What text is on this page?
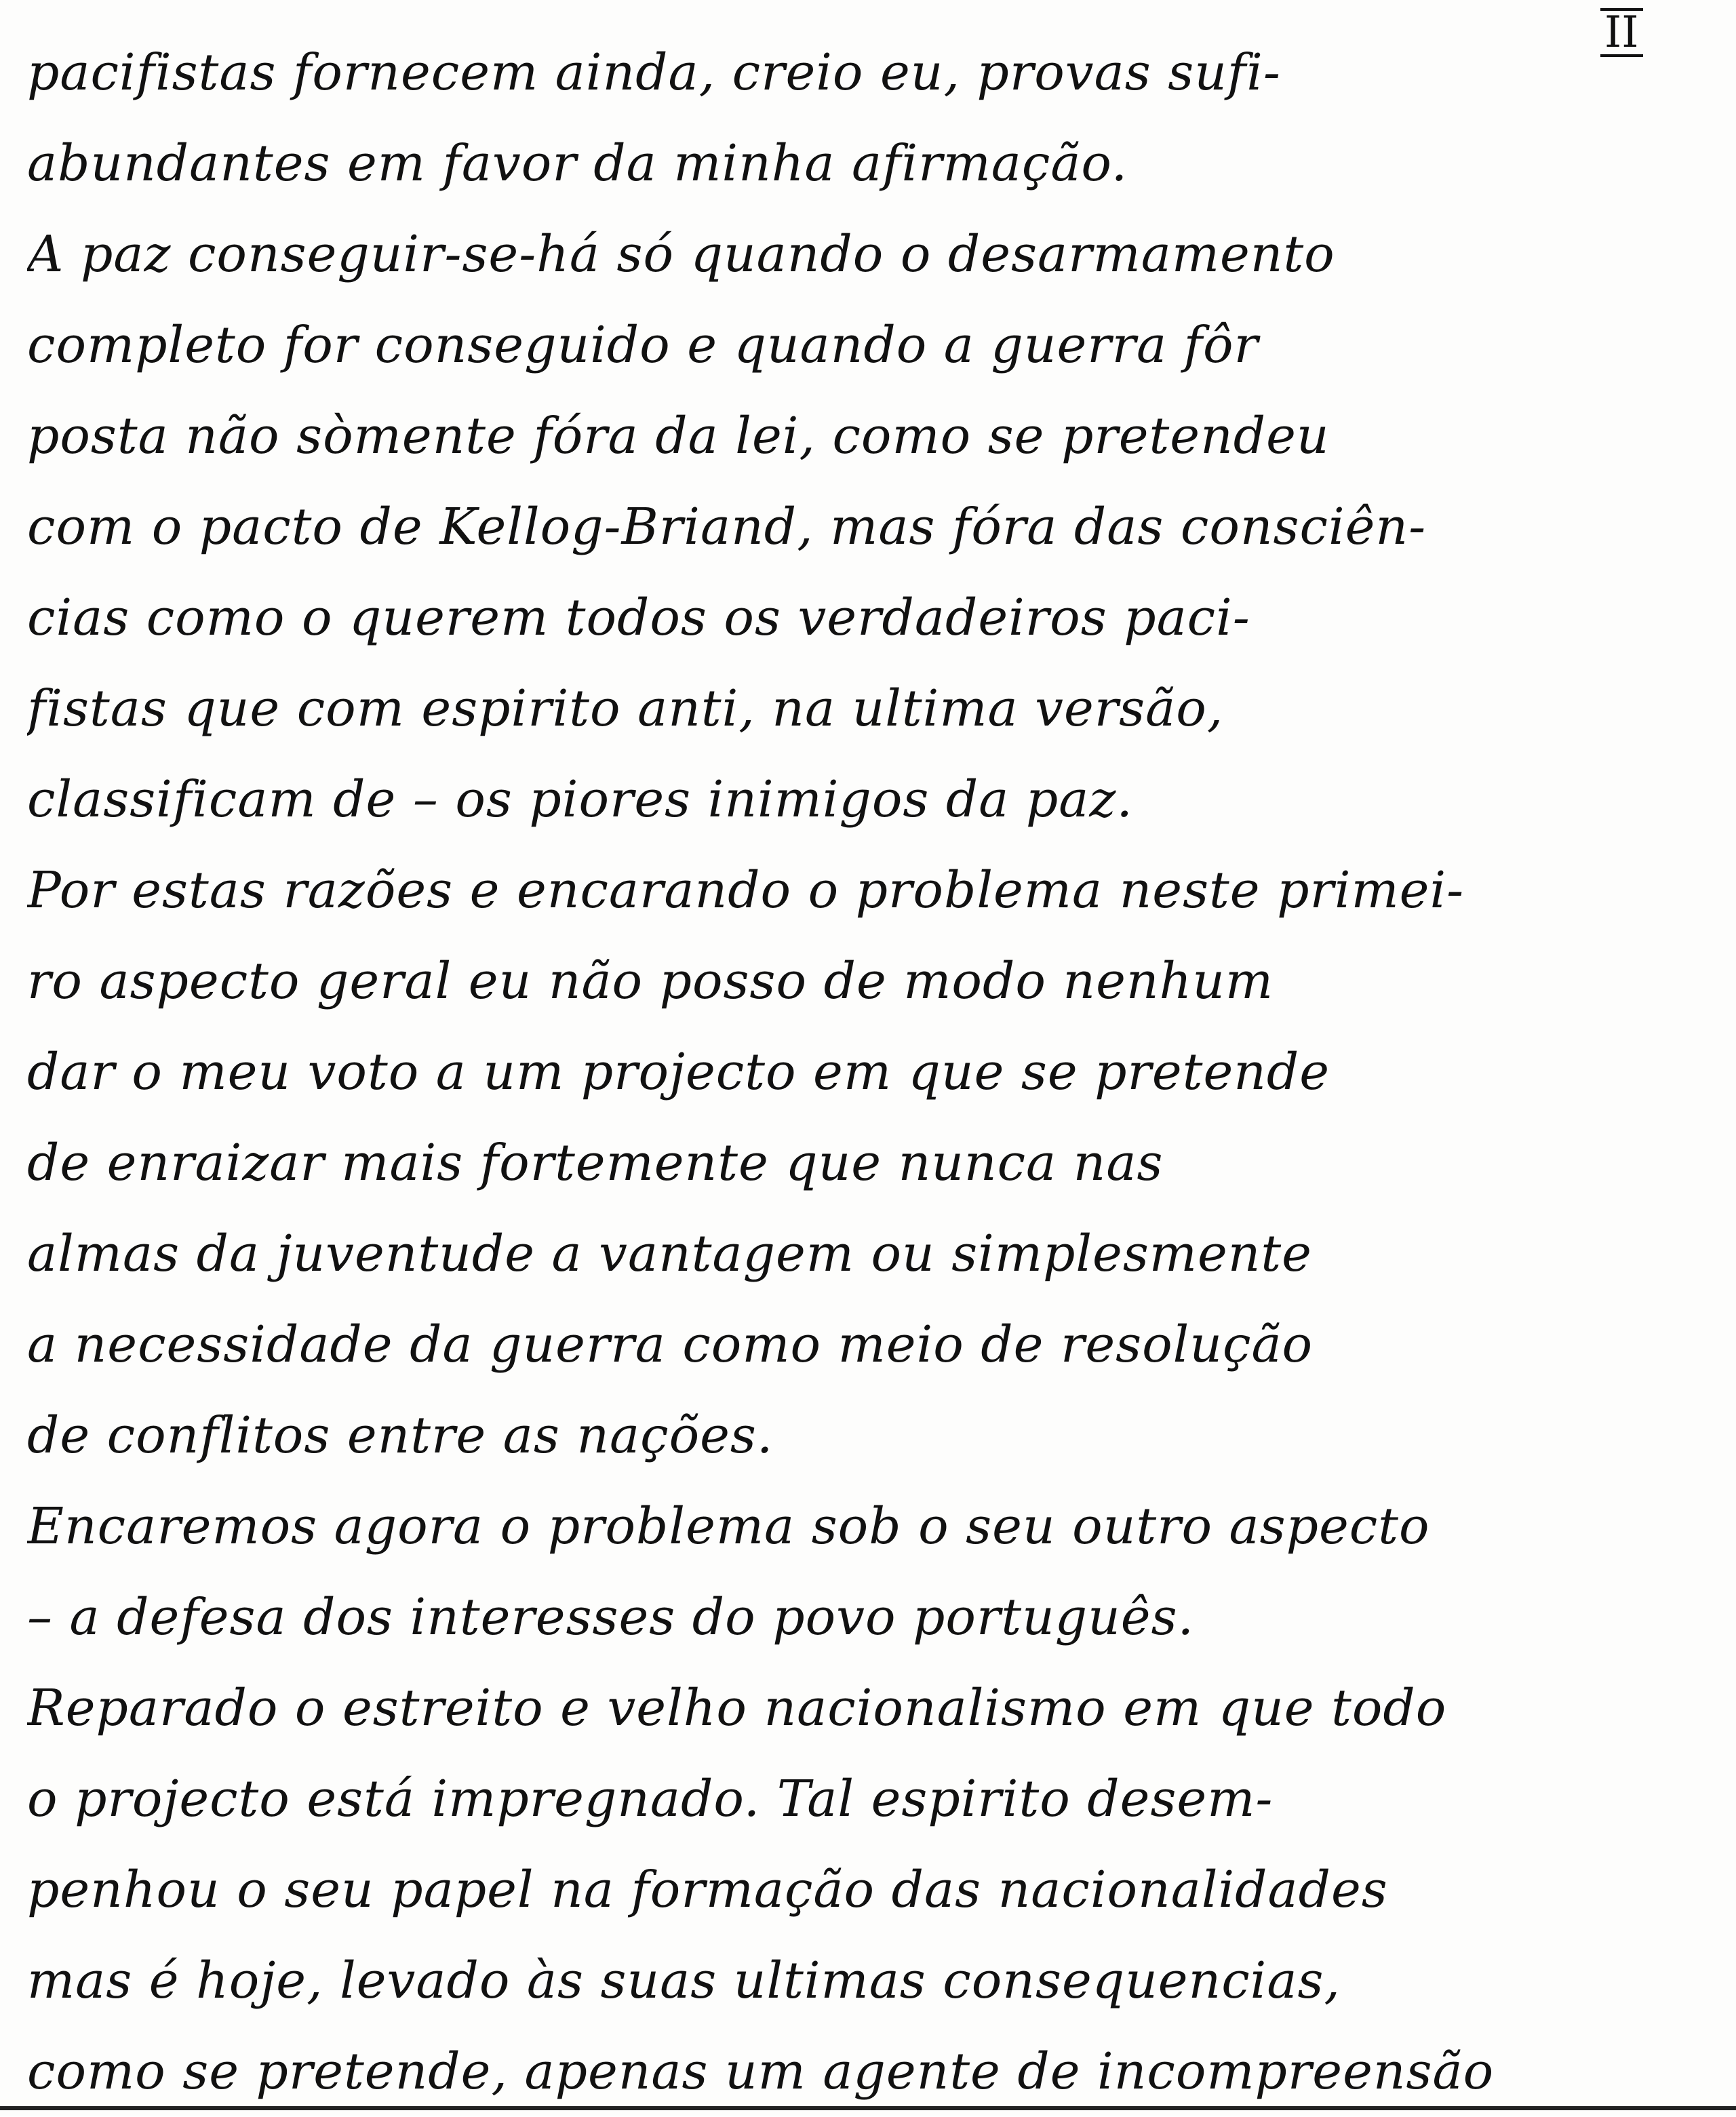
II
pacifistas fornecem ainda, creio eu, provas sufi-
abundantes em favor da minha afirmação.
A paz conseguir-se-há só quando o desarmamento
completo for conseguido e quando a guerra fôr
posta não sòmente fóra da lei, como se pretendeu
com o pacto de Kellog-Briand, mas fóra das consciên-
cias como o querem todos os verdadeiros paci-
fistas que com espirito anti, na ultima versão,
classificam de – os piores inimigos da paz.
Por estas razões e encarando o problema neste primei-
ro aspecto geral eu não posso de modo nenhum
dar o meu voto a um projecto em que se pretende
de enraizar mais fortemente que nunca nas
almas da juventude a vantagem ou simplesmente
a necessidade da guerra como meio de resolução
de conflitos entre as nações.
Encaremos agora o problema sob o seu outro aspecto
– a defesa dos interesses do povo português.
Reparado o estreito e velho nacionalismo em que todo
o projecto está impregnado. Tal espirito desem-
penhou o seu papel na formação das nacionalidades
mas é hoje, levado às suas ultimas consequencias,
como se pretende, apenas um agente de incompreensão
